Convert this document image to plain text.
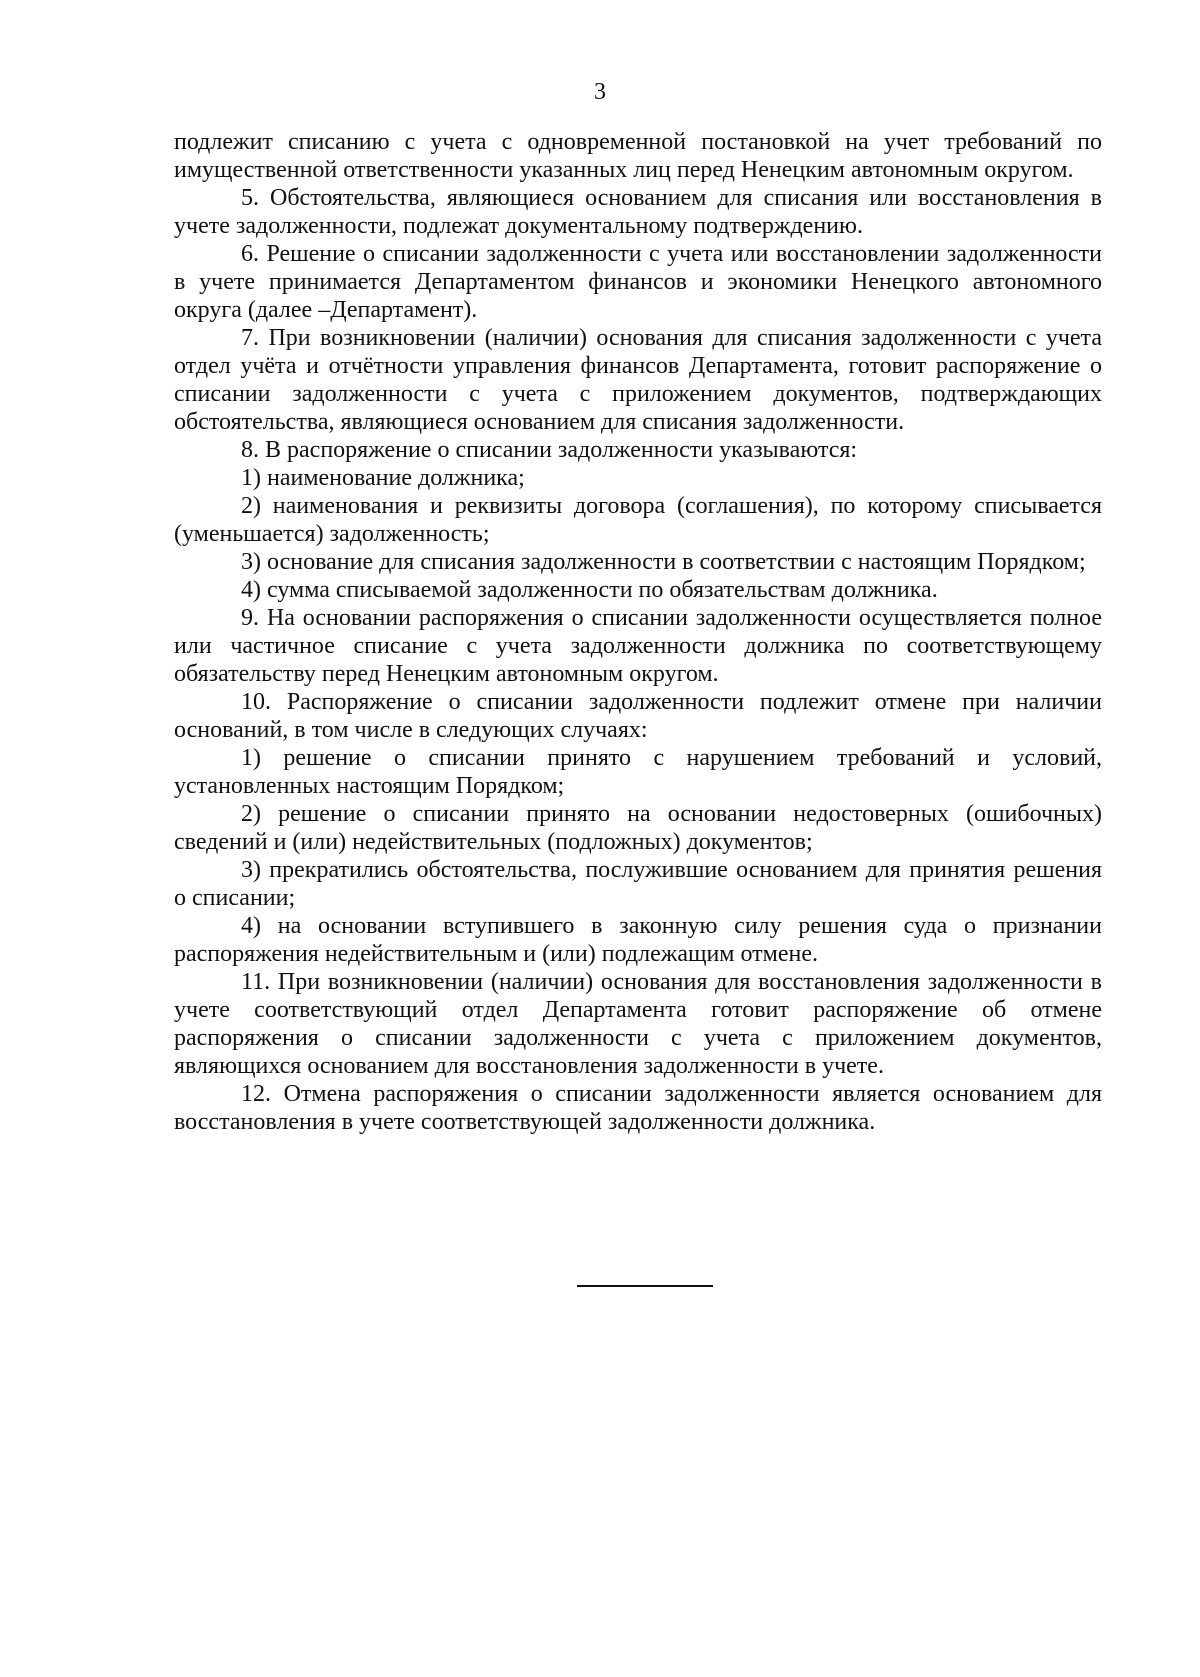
3

подлежит списанию с учета с одновременной постановкой на учет требований по имущественной ответственности указанных лиц перед Ненецким автономным округом.

5. Обстоятельства, являющиеся основанием для списания или восстановления в учете задолженности, подлежат документальному подтверждению.

6. Решение о списании задолженности с учета или восстановлении задолженности в учете принимается Департаментом финансов и экономики Ненецкого автономного округа (далее –Департамент).

7. При возникновении (наличии) основания для списания задолженности с учета отдел учёта и отчётности управления финансов Департамента, готовит распоряжение о списании задолженности с учета с приложением документов, подтверждающих обстоятельства, являющиеся основанием для списания задолженности.

8. В распоряжение о списании задолженности указываются:

1) наименование должника;

2) наименования и реквизиты договора (соглашения), по которому списывается (уменьшается) задолженность;

3) основание для списания задолженности в соответствии с настоящим Порядком;

4) сумма списываемой задолженности по обязательствам должника.

9. На основании распоряжения о списании задолженности осуществляется полное или частичное списание с учета задолженности должника по соответствующему обязательству перед Ненецким автономным округом.

10. Распоряжение о списании задолженности подлежит отмене при наличии оснований, в том числе в следующих случаях:

1) решение о списании принято с нарушением требований и условий, установленных настоящим Порядком;

2) решение о списании принято на основании недостоверных (ошибочных) сведений и (или) недействительных (подложных) документов;

3) прекратились обстоятельства, послужившие основанием для принятия решения о списании;

4) на основании вступившего в законную силу решения суда о признании распоряжения недействительным и (или) подлежащим отмене.

11. При возникновении (наличии) основания для восстановления задолженности в учете соответствующий отдел Департамента готовит распоряжение об отмене распоряжения о списании задолженности с учета с приложением документов, являющихся основанием для восстановления задолженности в учете.

12. Отмена распоряжения о списании задолженности является основанием для восстановления в учете соответствующей задолженности должника.
